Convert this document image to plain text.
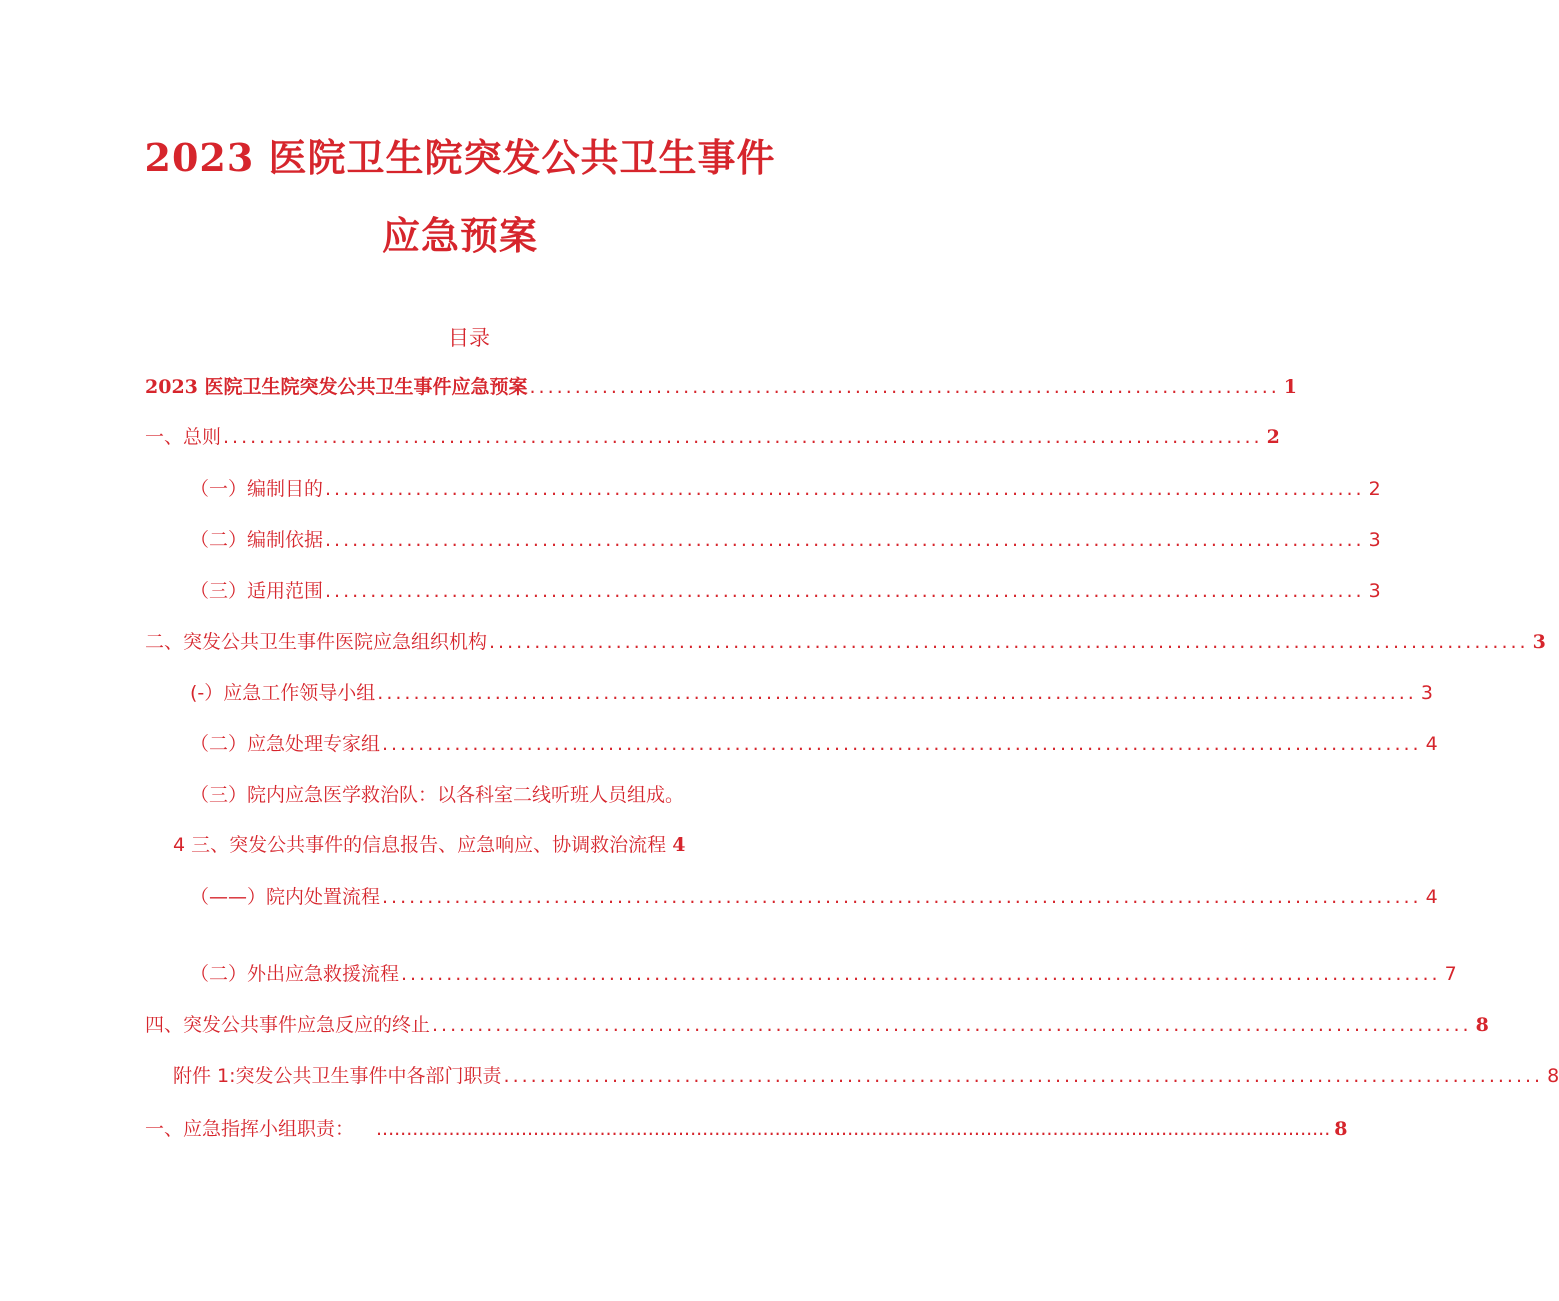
2023 医院卫生院突发公共卫生事件
应急预案
目录
2023 医院卫生院突发公共卫生事件应急预案 ................................................................................... 1
一、总则 ................................................................................................................... 2
（一）编制目的 ................................................................................................................... 2
（二）编制依据 ................................................................................................................... 3
（三）适用范围 ................................................................................................................... 3
二、突发公共卫生事件医院应急组织机构 ................................................................................................................... 3
(-）应急工作领导小组 ................................................................................................................... 3
（二）应急处理专家组 ................................................................................................................... 4
（三）院内应急医学救治队：以各科室二线听班人员组成。
4 三、突发公共事件的信息报告、应急响应、协调救治流程 4
（——）院内处置流程 ................................................................................................................... 4
（二）外出应急救援流程 ................................................................................................................... 7
四、突发公共事件应急反应的终止 ................................................................................................................... 8
附件 1:突发公共卫生事件中各部门职责 ................................................................................................................... 8
一、应急指挥小组职责： .............................................................................................................................................................. 8
